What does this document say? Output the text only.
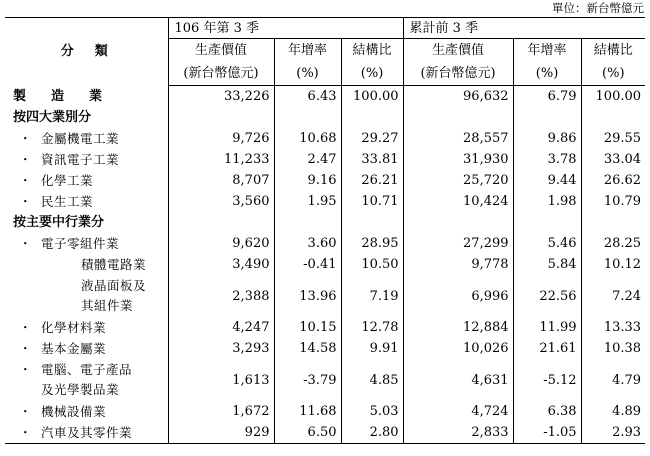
單位：新台幣億元
分　類	106 年第 3 季			累計前 3 季		
	生產價值	年增率	結構比	生產價值	年增率	結構比
	(新台幣億元)	(%)	(%)	(新台幣億元)	(%)	(%)
製　造　業	33,226	6.43	100.00	96,632	6.79	100.00
按四大業別分						
・ 金屬機電工業	9,726	10.68	29.27	28,557	9.86	29.55
・ 資訊電子工業	11,233	2.47	33.81	31,930	3.78	33.04
・ 化學工業	8,707	9.16	26.21	25,720	9.44	26.62
・ 民生工業	3,560	1.95	10.71	10,424	1.98	10.79
按主要中行業分						
・ 電子零組件業	9,620	3.60	28.95	27,299	5.46	28.25
積體電路業	3,490	-0.41	10.50	9,778	5.84	10.12
液晶面板及
其組件業	2,388	13.96	7.19	6,996	22.56	7.24
・ 化學材料業	4,247	10.15	12.78	12,884	11.99	13.33
・ 基本金屬業	3,293	14.58	9.91	10,026	21.61	10.38
・ 電腦、電子產品
及光學製品業	1,613	-3.79	4.85	4,631	-5.12	4.79
・ 機械設備業	1,672	11.68	5.03	4,724	6.38	4.89
・ 汽車及其零件業	929	6.50	2.80	2,833	-1.05	2.93
